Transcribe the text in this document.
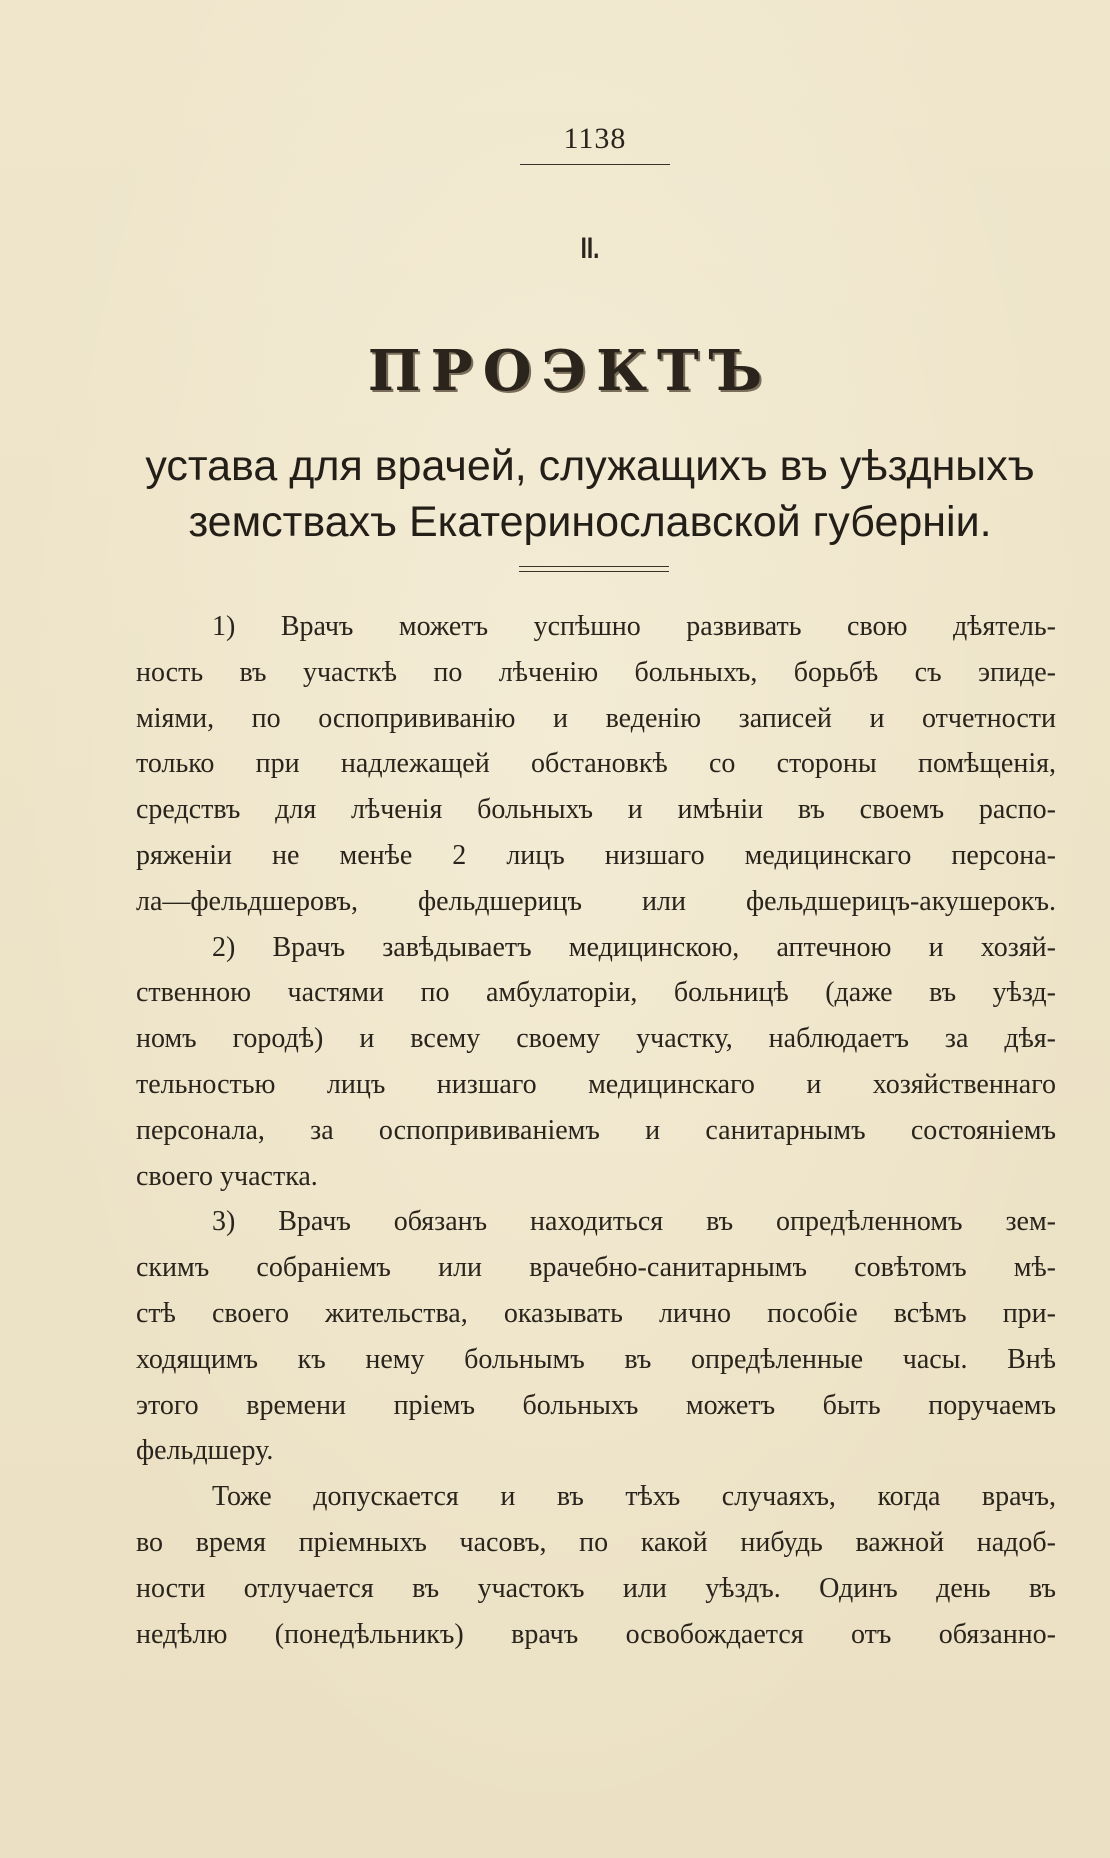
1138
II.
ПРОЭКТЪ
устава для врачей, служащихъ въ уѣздныхъ
земствахъ Екатеринославской губерніи.
1) Врачъ можетъ успѣшно развивать свою дѣятель-
ность въ участкѣ по лѣченію больныхъ, борьбѣ съ эпиде-
міями, по оспопрививанію и веденію записей и отчетности
только при надлежащей обстановкѣ со стороны помѣщенія,
средствъ для лѣченія больныхъ и имѣніи въ своемъ распо-
ряженіи не менѣе 2 лицъ низшаго медицинскаго персона-
ла—фельдшеровъ, фельдшерицъ или фельдшерицъ-акушерокъ.
2) Врачъ завѣдываетъ медицинскою, аптечною и хозяй-
ственною частями по амбулаторіи, больницѣ (даже въ уѣзд-
номъ городѣ) и всему своему участку, наблюдаетъ за дѣя-
тельностью лицъ низшаго медицинскаго и хозяйственнаго
персонала, за оспопрививаніемъ и санитарнымъ состояніемъ
своего участка.
3) Врачъ обязанъ находиться въ опредѣленномъ зем-
скимъ собраніемъ или врачебно-санитарнымъ совѣтомъ мѣ-
стѣ своего жительства, оказывать лично пособіе всѣмъ при-
ходящимъ къ нему больнымъ въ опредѣленные часы. Внѣ
этого времени пріемъ больныхъ можетъ быть поручаемъ
фельдшеру.
Тоже допускается и въ тѣхъ случаяхъ, когда врачъ,
во время пріемныхъ часовъ, по какой нибудь важной надоб-
ности отлучается въ участокъ или уѣздъ. Одинъ день въ
недѣлю (понедѣльникъ) врачъ освобождается отъ обязанно-
